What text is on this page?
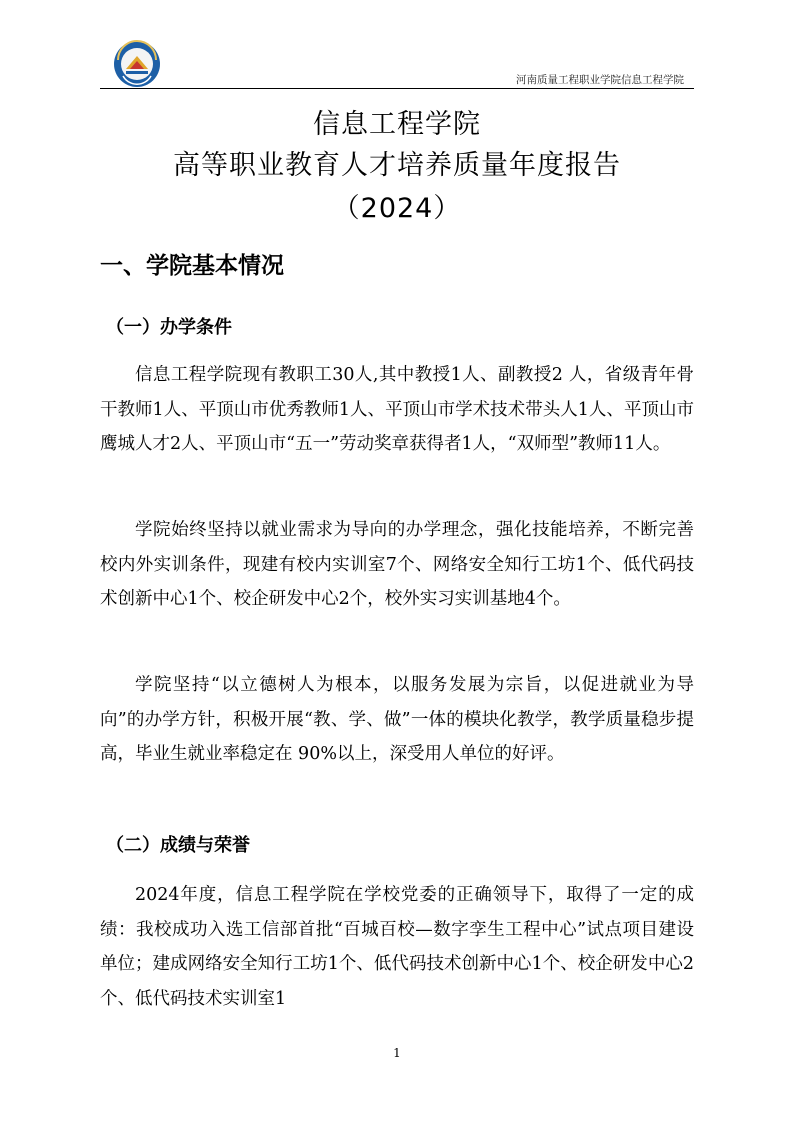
河南质量工程职业学院信息工程学院
信息工程学院
高等职业教育人才培养质量年度报告
（2024）
一、学院基本情况
（一）办学条件

信息工程学院现有教职工30人,其中教授1人、副教授2 人，省级青年骨干教师1人、平顶山市优秀教师1人、平顶山市学术技术带头人1人、平顶山市鹰城人才2人、平顶山市“五一”劳动奖章获得者1人，“双师型”教师11人。

学院始终坚持以就业需求为导向的办学理念，强化技能培养，不断完善校内外实训条件，现建有校内实训室7个、网络安全知行工坊1个、低代码技术创新中心1个、校企研发中心2个，校外实习实训基地4个。

学院坚持“以立德树人为根本，以服务发展为宗旨，以促进就业为导向”的办学方针，积极开展“教、学、做”一体的模块化教学，教学质量稳步提高，毕业生就业率稳定在 90%以上，深受用人单位的好评。

（二）成绩与荣誉

2024年度，信息工程学院在学校党委的正确领导下，取得了一定的成绩：我校成功入选工信部首批“百城百校—数字孪生工程中心”试点项目建设单位；建成网络安全知行工坊1个、低代码技术创新中心1个、校企研发中心2个、低代码技术实训室1

1
